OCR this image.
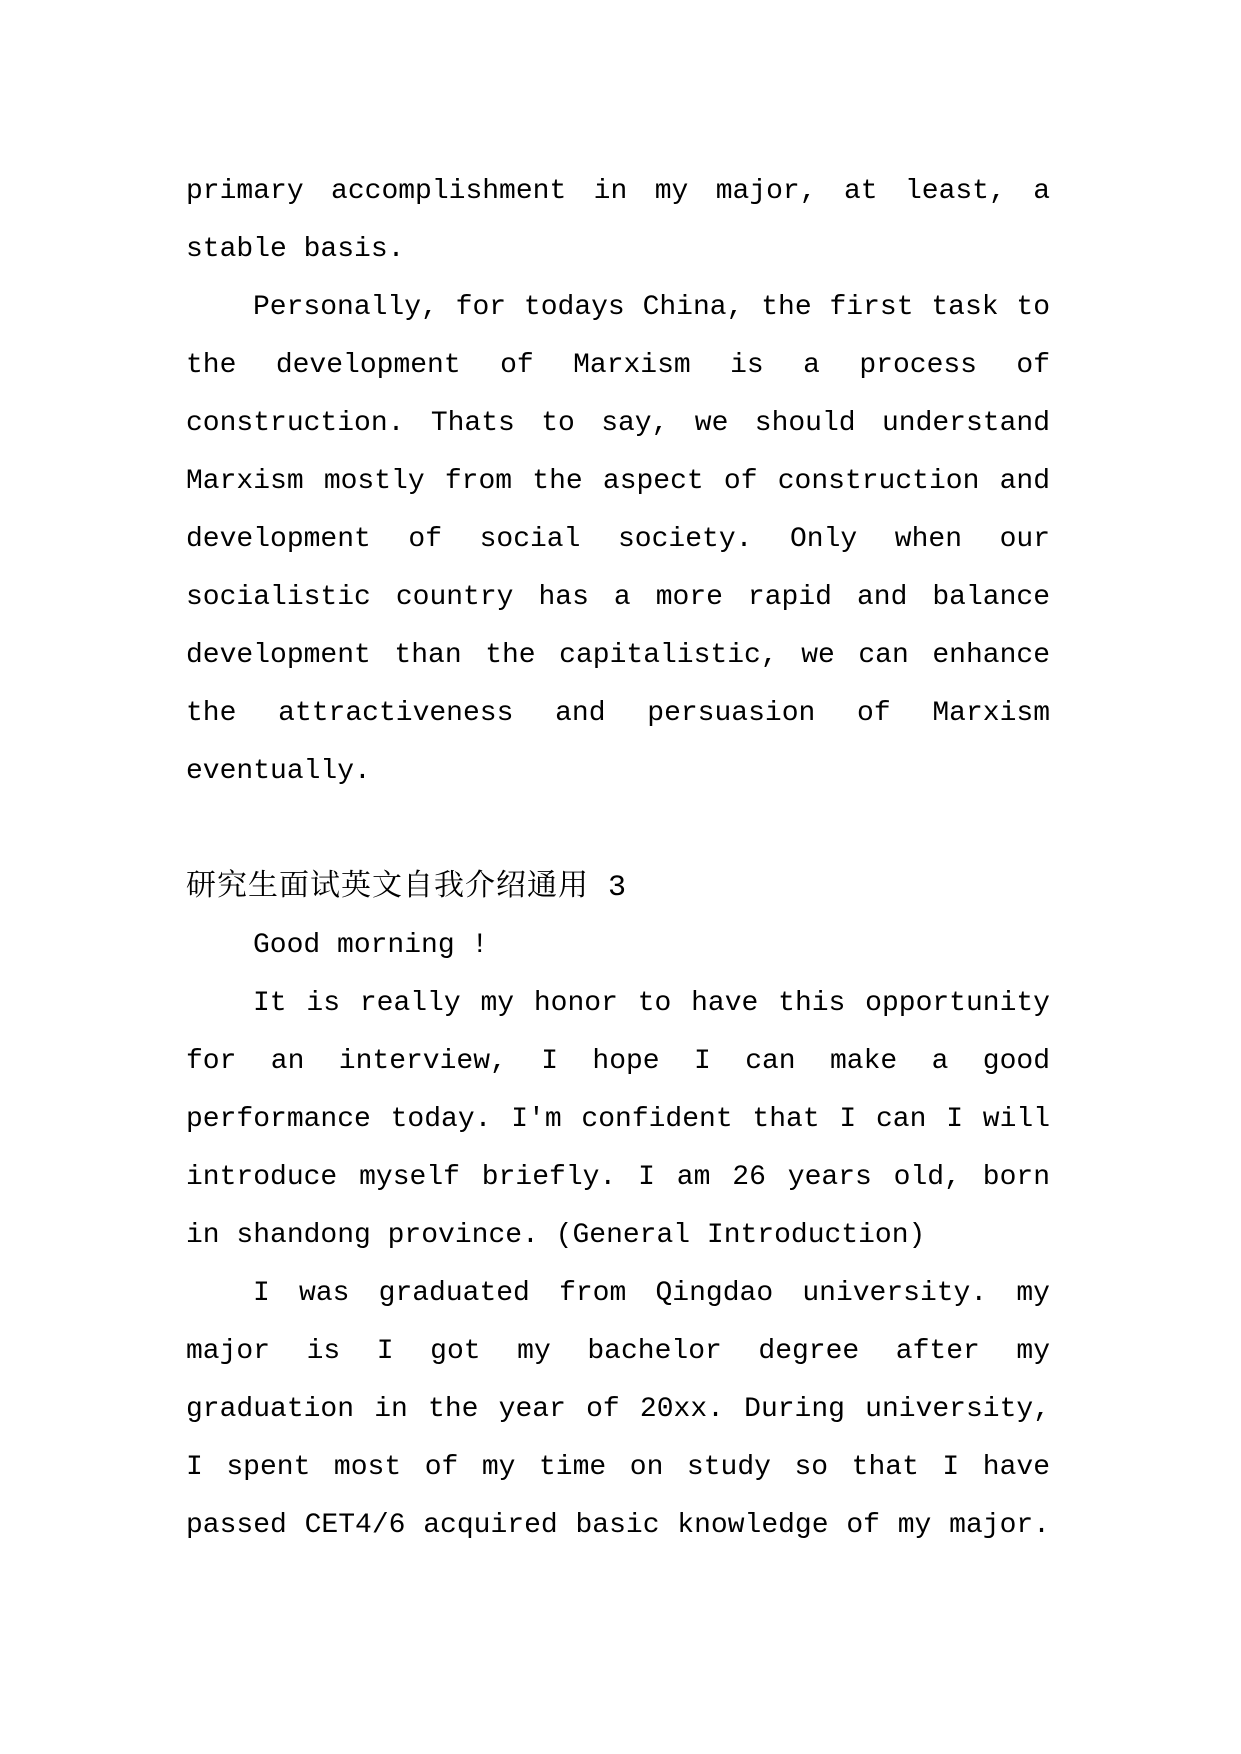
primary accomplishment in my major, at least, a
stable basis.
Personally, for todays China, the first task to
the development of Marxism is a process of
construction. Thats to say, we should understand
Marxism mostly from the aspect of construction and
development of social society. Only when our
socialistic country has a more rapid and balance
development than the capitalistic, we can enhance
the attractiveness and persuasion of Marxism
eventually.
研究生面试英文自我介绍通用 3
Good morning !
It is really my honor to have this opportunity
for an interview, I hope I can make a good
performance today. I'm confident that I can I will
introduce myself briefly. I am 26 years old, born
in shandong province. (General Introduction)
I was graduated from Qingdao university. my
major is I got my bachelor degree after my
graduation in the year of 20xx. During university,
I spent most of my time on study so that I have
passed CET4/6 acquired basic knowledge of my major.
